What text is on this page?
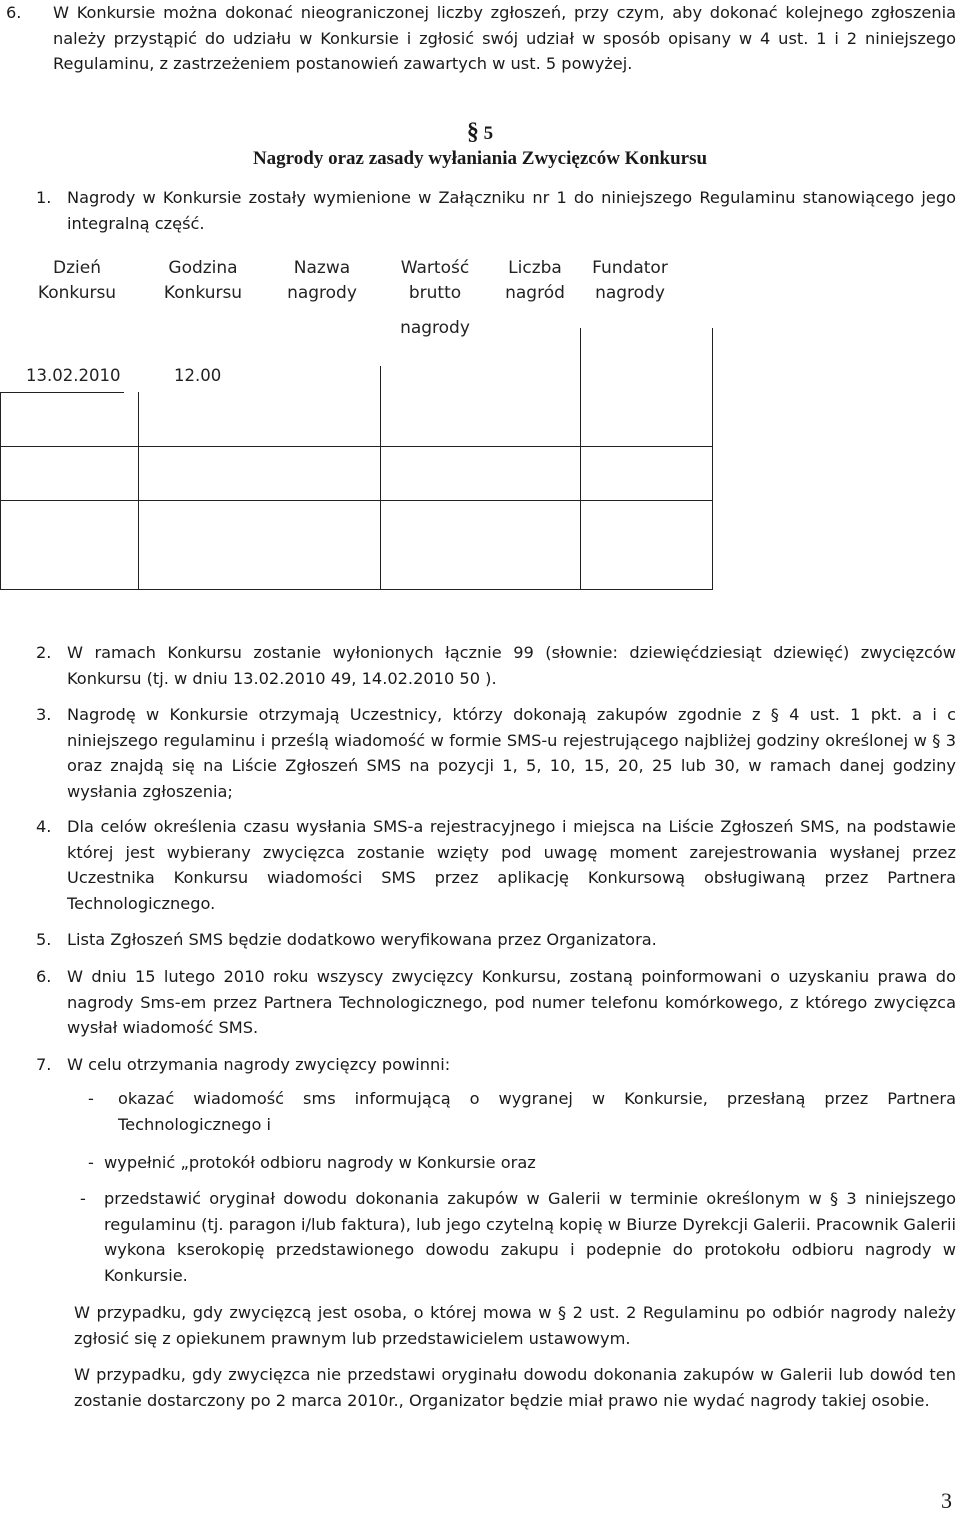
6. W Konkursie można dokonać nieograniczonej liczby zgłoszeń, przy czym, aby dokonać kolejnego zgłoszenia należy przystąpić do udziału w Konkursie i zgłosić swój udział w sposób opisany w 4 ust. 1 i 2 niniejszego Regulaminu, z zastrzeżeniem postanowień zawartych w ust. 5 powyżej.
§ 5
Nagrody oraz zasady wyłaniania Zwycięzców Konkursu
1. Nagrody w Konkursie zostały wymienione w Załączniku nr 1 do niniejszego Regulaminu stanowiącego jego integralną część.
Dzień
Konkursu
Godzina
Konkursu
Nazwa
nagrody
Wartość
brutto
nagrody
Liczba
nagród
Fundator
nagrody
13.02.2010	12.00
2. W ramach Konkursu zostanie wyłonionych łącznie 99 (słownie: dziewięćdziesiąt dziewięć) zwycięzców Konkursu (tj. w dniu 13.02.2010 49, 14.02.2010 50 ).
3. Nagrodę w Konkursie otrzymają Uczestnicy, którzy dokonają zakupów zgodnie z § 4 ust. 1 pkt. a i c niniejszego regulaminu i prześlą wiadomość w formie SMS-u rejestrującego najbliżej godziny określonej w § 3 oraz znajdą się na Liście Zgłoszeń SMS na pozycji 1, 5, 10, 15, 20, 25 lub 30, w ramach danej godziny wysłania zgłoszenia;
4. Dla celów określenia czasu wysłania SMS-a rejestracyjnego i miejsca na Liście Zgłoszeń SMS, na podstawie której jest wybierany zwycięzca zostanie wzięty pod uwagę moment zarejestrowania wysłanej przez Uczestnika Konkursu wiadomości SMS przez aplikację Konkursową obsługiwaną przez Partnera Technologicznego.
5. Lista Zgłoszeń SMS będzie dodatkowo weryfikowana przez Organizatora.
6. W dniu 15 lutego 2010 roku wszyscy zwycięzcy Konkursu, zostaną poinformowani o uzyskaniu prawa do nagrody Sms-em przez Partnera Technologicznego, pod numer telefonu komórkowego, z którego zwycięzca wysłał wiadomość SMS.
7. W celu otrzymania nagrody zwycięzcy powinni:
- okazać wiadomość sms informującą o wygranej w Konkursie, przesłaną przez Partnera Technologicznego i
- wypełnić „protokół odbioru nagrody w Konkursie oraz
- przedstawić oryginał dowodu dokonania zakupów w Galerii w terminie określonym w § 3 niniejszego regulaminu (tj. paragon i/lub faktura), lub jego czytelną kopię w Biurze Dyrekcji Galerii. Pracownik Galerii wykona kserokopię przedstawionego dowodu zakupu i podepnie do protokołu odbioru nagrody w Konkursie.
W przypadku, gdy zwycięzcą jest osoba, o której mowa w § 2 ust. 2 Regulaminu po odbiór nagrody należy zgłosić się z opiekunem prawnym lub przedstawicielem ustawowym.
W przypadku, gdy zwycięzca nie przedstawi oryginału dowodu dokonania zakupów w Galerii lub dowód ten zostanie dostarczony po 2 marca 2010r., Organizator będzie miał prawo nie wydać nagrody takiej osobie.
3
